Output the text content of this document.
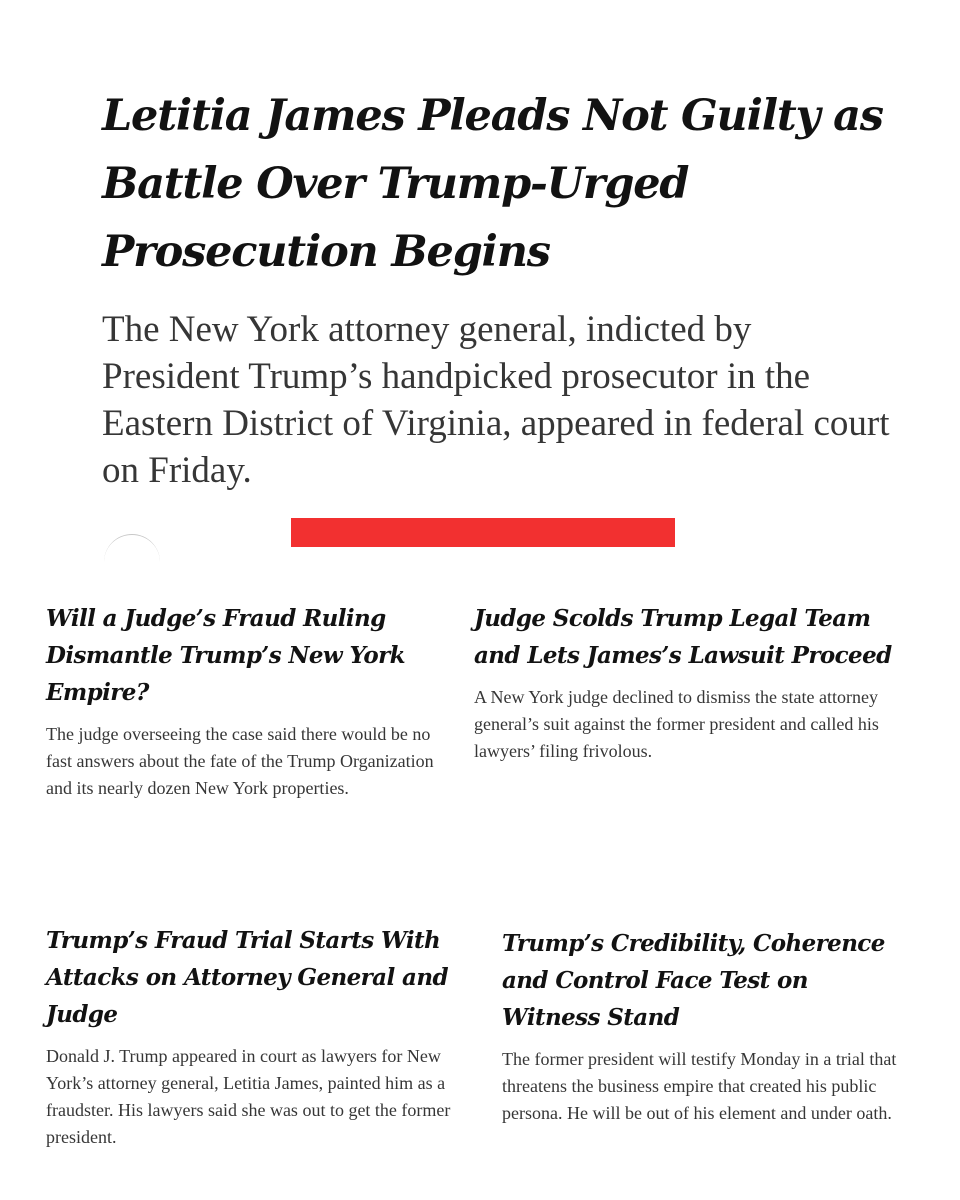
Letitia James Pleads Not Guilty as Battle Over Trump-Urged Prosecution Begins

The New York attorney general, indicted by President Trump’s handpicked prosecutor in the Eastern District of Virginia, appeared in federal court on Friday.

Will a Judge’s Fraud Ruling Dismantle Trump’s New York Empire?

The judge overseeing the case said there would be no fast answers about the fate of the Trump Organization and its nearly dozen New York properties.

Judge Scolds Trump Legal Team and Lets James’s Lawsuit Proceed

A New York judge declined to dismiss the state attorney general’s suit against the former president and called his lawyers’ filing frivolous.

Trump’s Fraud Trial Starts With Attacks on Attorney General and Judge

Donald J. Trump appeared in court as lawyers for New York’s attorney general, Letitia James, painted him as a fraudster. His lawyers said she was out to get the former president.

Trump’s Credibility, Coherence and Control Face Test on Witness Stand

The former president will testify Monday in a trial that threatens the business empire that created his public persona. He will be out of his element and under oath.
